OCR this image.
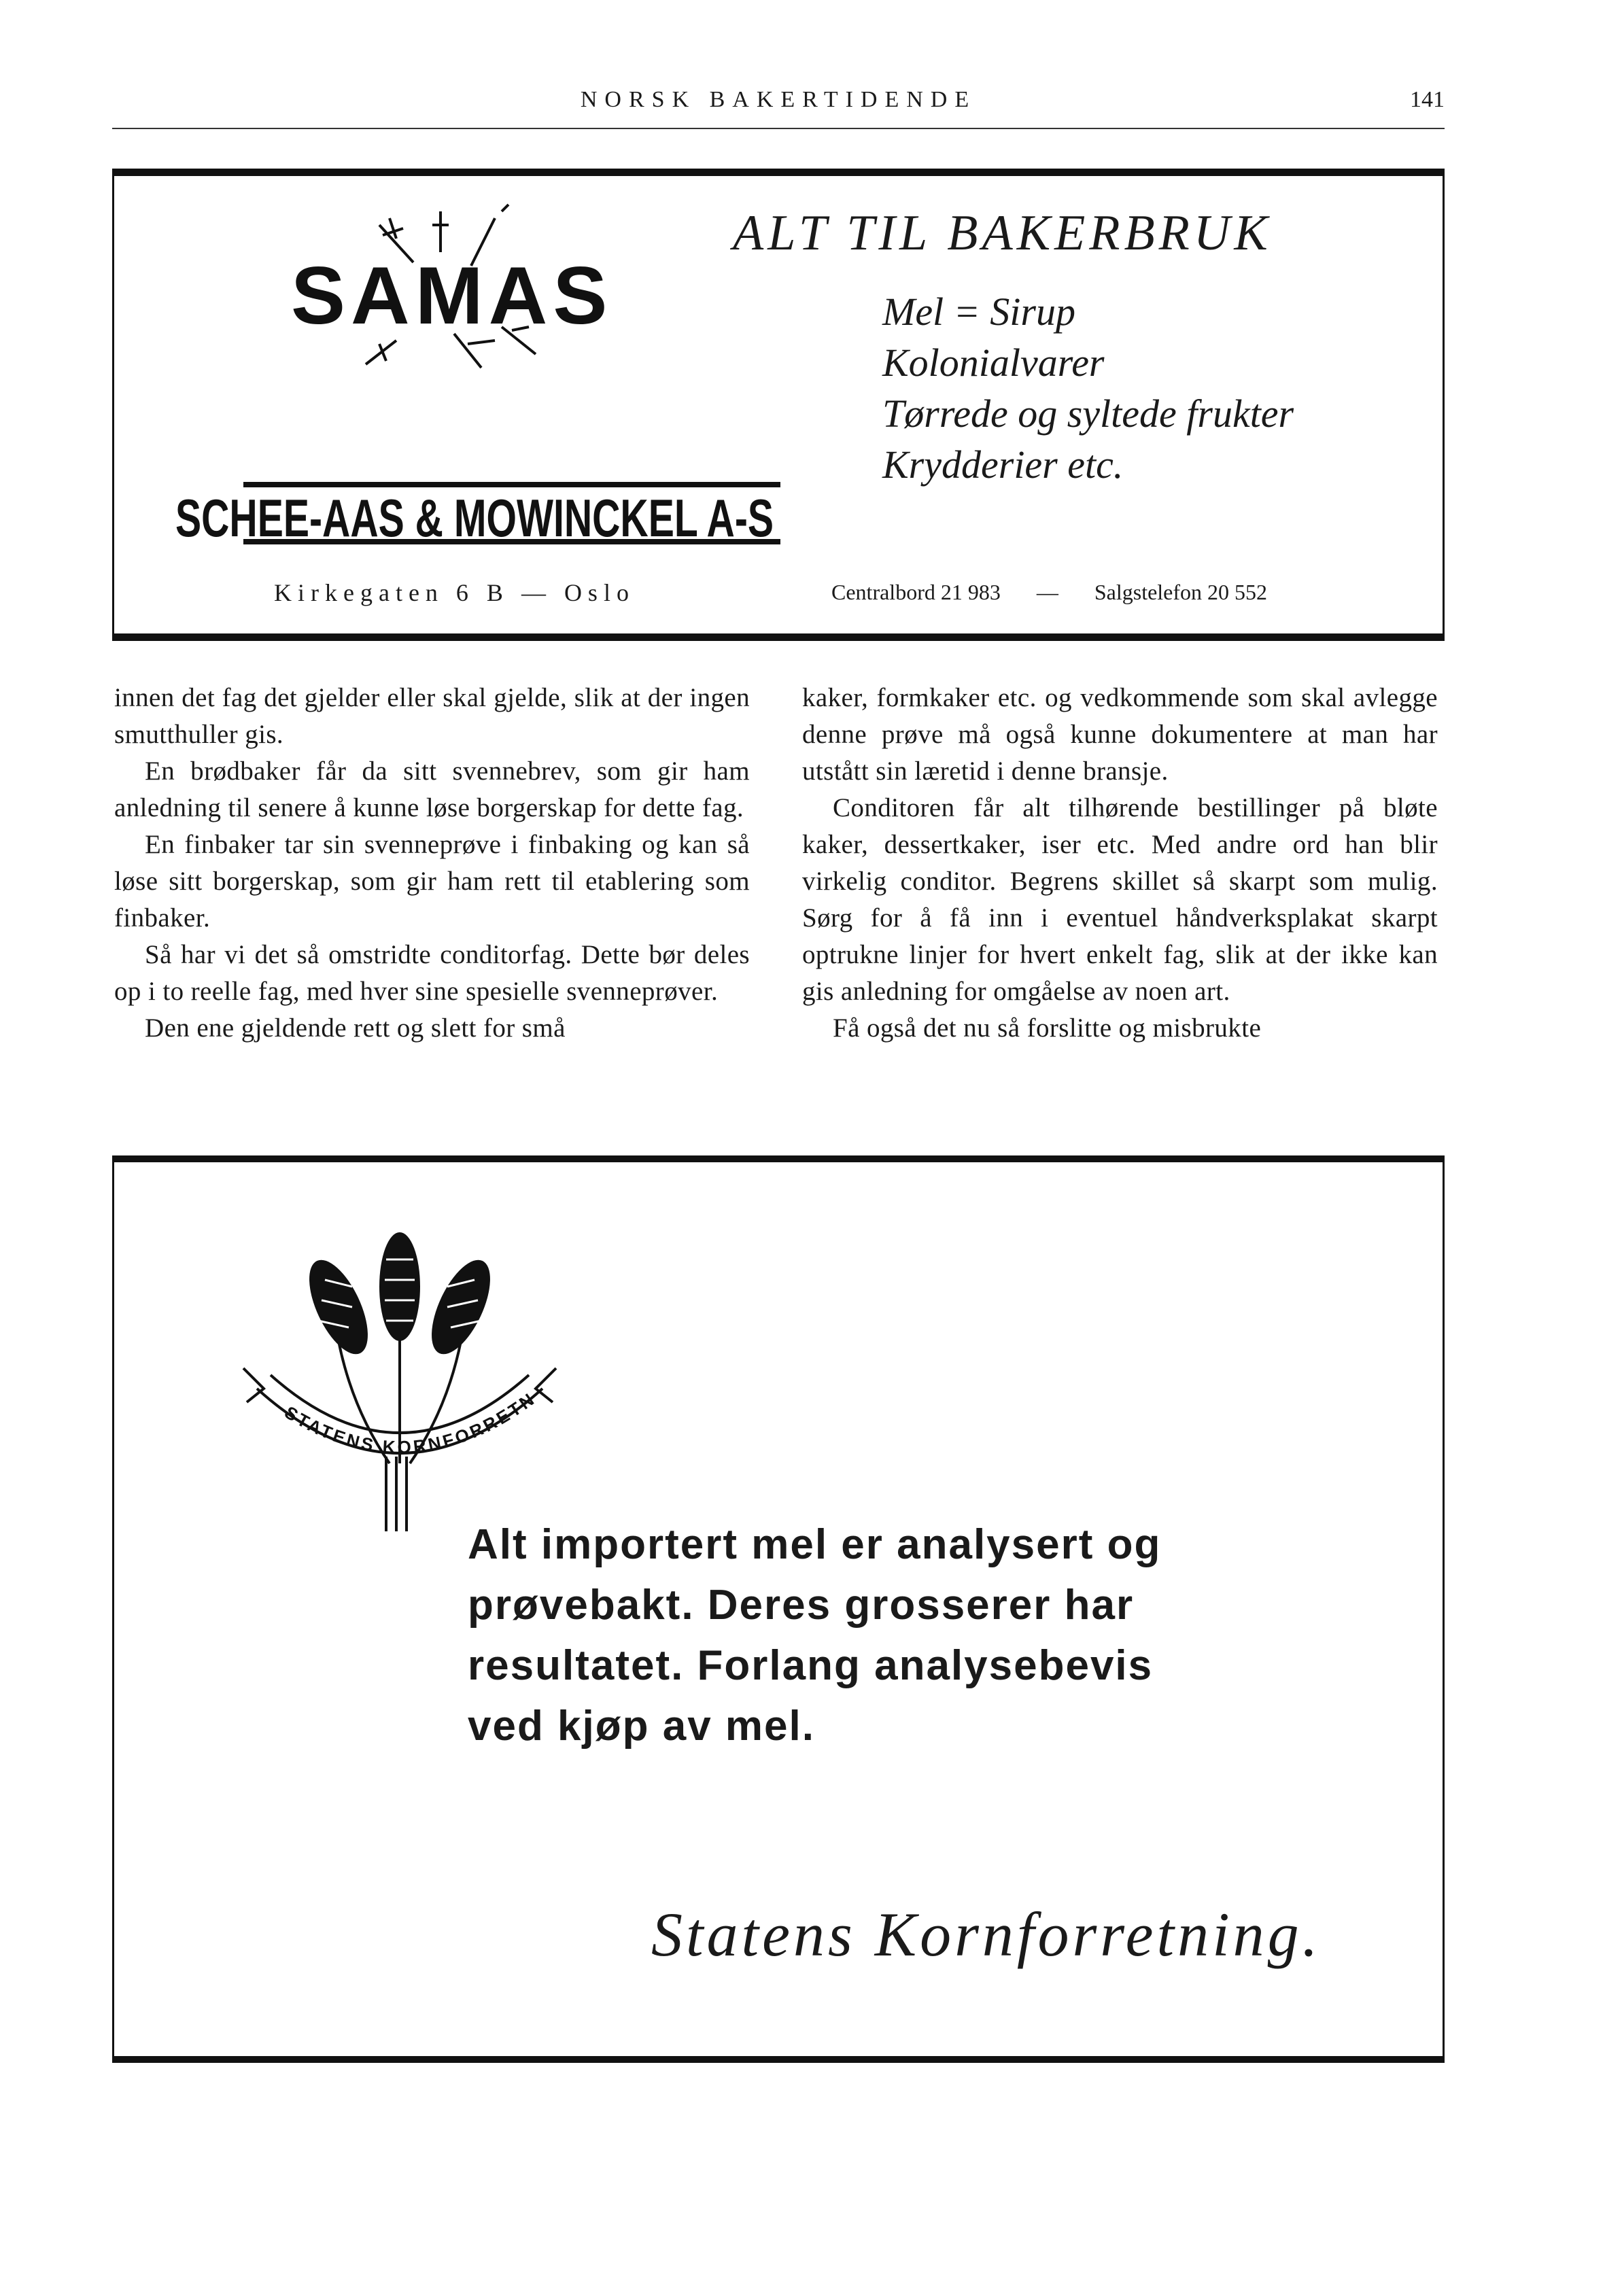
NORSK BAKERTIDENDE	141
SAMAS
SCHEE-AAS & MOWINCKEL A-S
ALT TIL BAKERBRUK
Mel = Sirup
Kolonialvarer
Tørrede og syltede frukter
Krydderier etc.
Kirkegaten 6 B — Oslo	Centralbord 21 983 — Salgstelefon 20 552

innen det fag det gjelder eller skal gjelde, slik at der ingen smutthuller gis.

En brødbaker får da sitt svennebrev, som gir ham anledning til senere å kunne løse borgerskap for dette fag.

En finbaker tar sin svenneprøve i finbaking og kan så løse sitt borgerskap, som gir ham rett til etablering som finbaker.

Så har vi det så omstridte conditorfag. Dette bør deles op i to reelle fag, med hver sine spesielle svenneprøver.

Den ene gjeldende rett og slett for små

kaker, formkaker etc. og vedkommende som skal avlegge denne prøve må også kunne dokumentere at man har utstått sin læretid i denne bransje.

Conditoren får alt tilhørende bestillinger på bløte kaker, dessertkaker, iser etc. Med andre ord han blir virkelig conditor. Begrens skillet så skarpt som mulig. Sørg for å få inn i eventuel håndverksplakat skarpt optrukne linjer for hvert enkelt fag, slik at der ikke kan gis anledning for omgåelse av noen art.

Få også det nu så forslitte og misbrukte

STATENS KORNFORRETN
Alt importert mel er analysert og
prøvebakt. Deres grosserer har
resultatet. Forlang analysebevis
ved kjøp av mel.
Statens Kornforretning.
